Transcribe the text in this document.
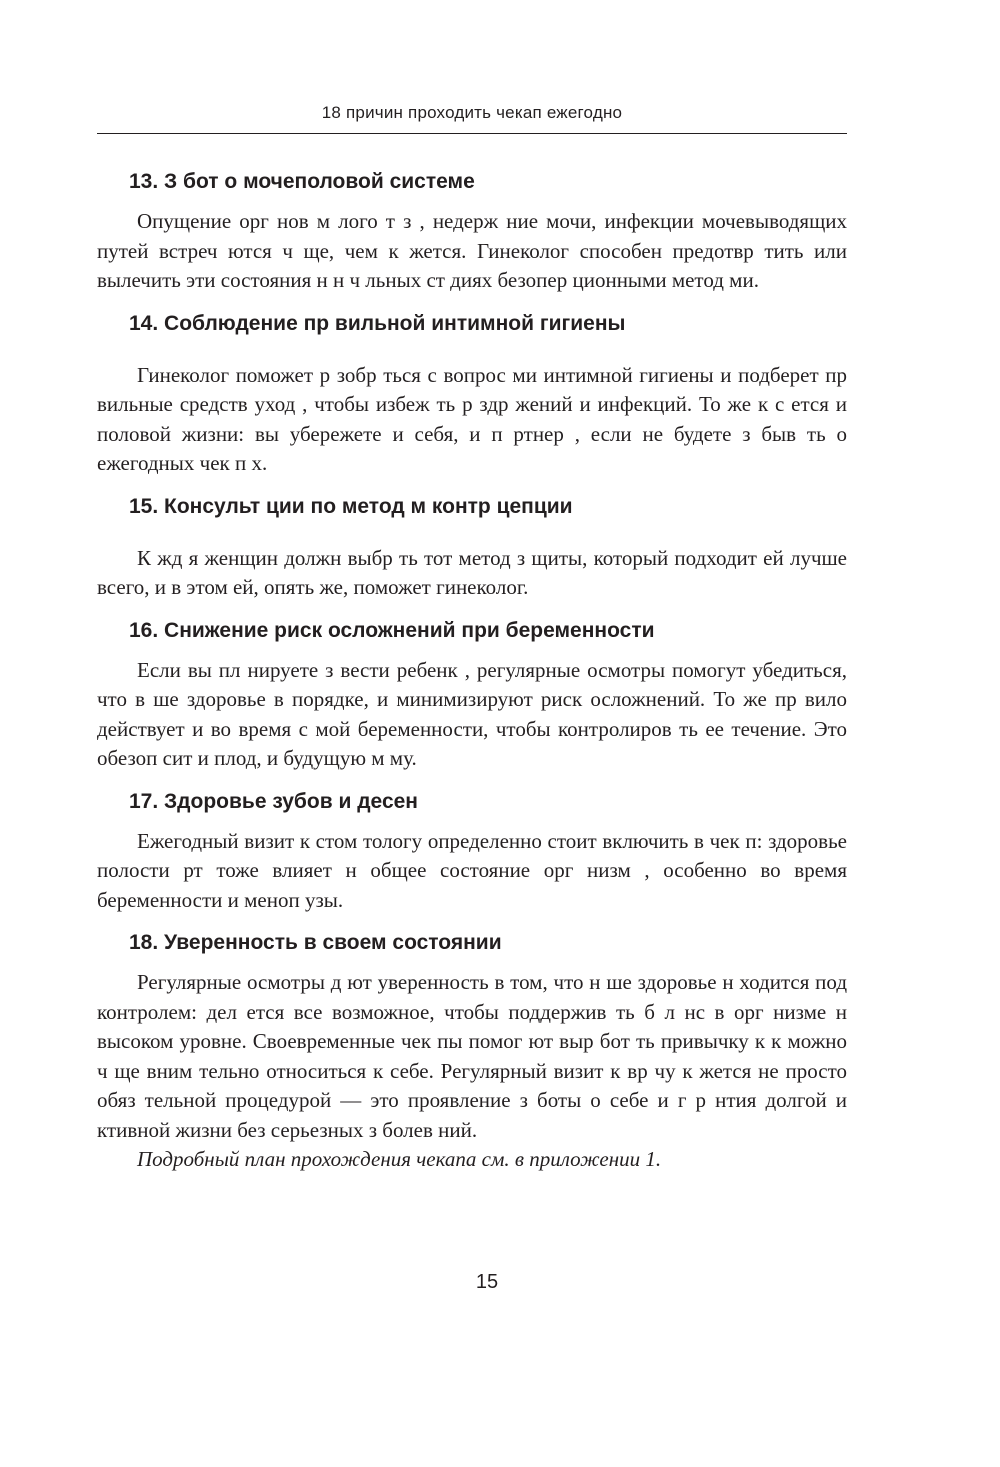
18 причин проходить чекап ежегодно
13. З бот о мочеполовой системе

Опущение орг нов м лого т з , недерж ние мочи, инфекции мочевыводящих путей встреч ются ч ще, чем к жется. Гинеколог способен предотвр тить или вылечить эти состояния н н ч льных ст диях безопер ционными метод ми.

14. Соблюдение пр вильной интимной гигиены

Гинеколог поможет р зобр ться с вопрос ми интимной гигиены и подберет пр вильные средств уход , чтобы избеж ть р здр жений и инфекций. То же к с ется и половой жизни: вы убережете и себя, и п ртнер , если не будете з быв ть о ежегодных чек п х.

15. Консульт ции по метод м контр цепции

К жд я женщин должн выбр ть тот метод з щиты, который подходит ей лучше всего, и в этом ей, опять же, поможет гинеколог.

16. Снижение риск осложнений при беременности

Если вы пл нируете з вести ребенк , регулярные осмотры помогут убедиться, что в ше здоровье в порядке, и минимизируют риск осложнений. То же пр вило действует и во время с мой беременности, чтобы контролиров ть ее течение. Это обезоп сит и плод, и будущую м му.

17. Здоровье зубов и десен

Ежегодный визит к стом тологу определенно стоит включить в чек п: здоровье полости рт тоже влияет н общее состояние орг низм , особенно во время беременности и меноп узы.

18. Уверенность в своем состоянии

Регулярные осмотры д ют уверенность в том, что н ше здоровье н ходится под контролем: дел ется все возможное, чтобы поддержив ть б л нс в орг низме н высоком уровне. Своевременные чек пы помог ют выр бот ть привычку к к можно ч ще вним тельно относиться к себе. Регулярный визит к вр чу к жется не просто обяз тельной процедурой — это проявление з боты о себе и г р нтия долгой и ктивной жизни без серьезных з болев ний.

Подробный план прохождения чекапа см. в приложении 1.

15
